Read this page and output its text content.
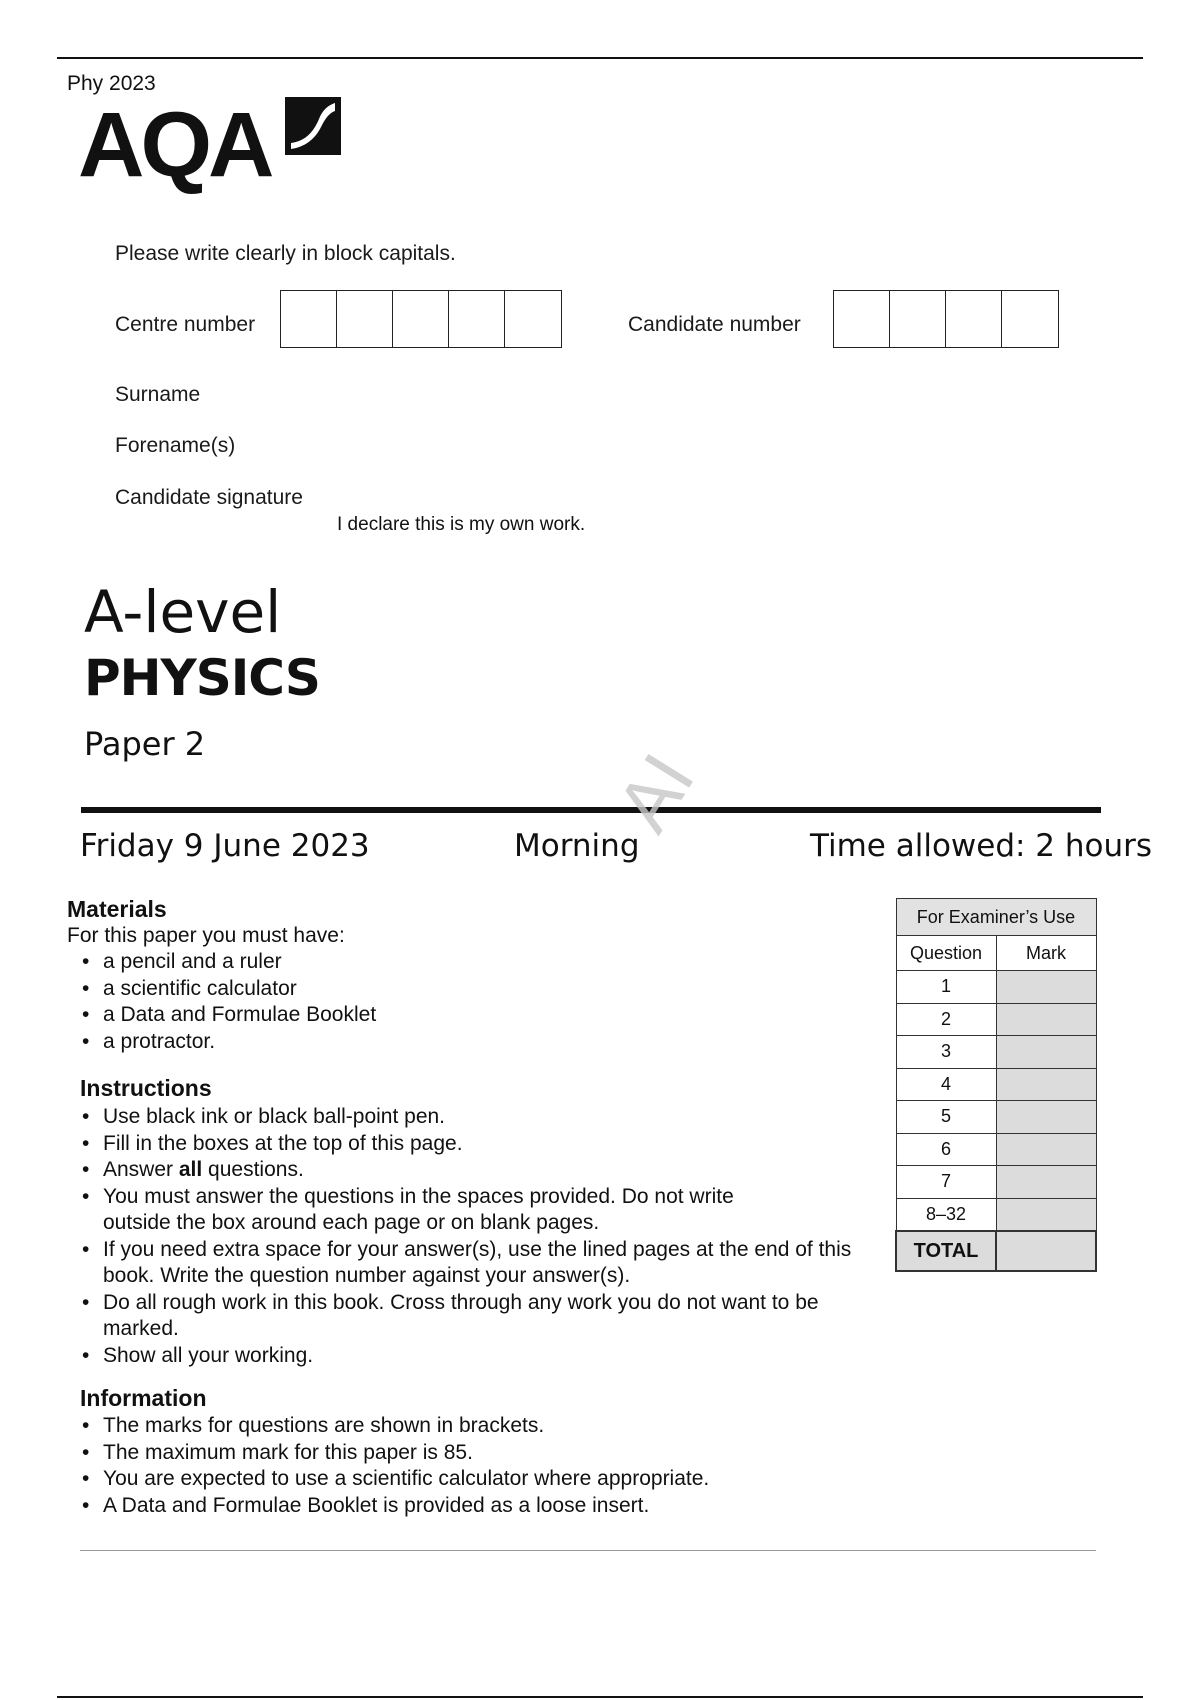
Phy 2023
AQA
Please write clearly in block capitals.
Centre number	Candidate number
Surname
Forename(s)
Candidate signature
I declare this is my own work.
A-level
PHYSICS
Paper 2
Friday 9 June 2023	Morning	Time allowed: 2 hours
AI
Materials
For this paper you must have:
• a pencil and a ruler
• a scientific calculator
• a Data and Formulae Booklet
• a protractor.
Instructions
• Use black ink or black ball-point pen.
• Fill in the boxes at the top of this page.
• Answer all questions.
• You must answer the questions in the spaces provided. Do not write outside the box around each page or on blank pages.
• If you need extra space for your answer(s), use the lined pages at the end of this book. Write the question number against your answer(s).
• Do all rough work in this book. Cross through any work you do not want to be marked.
• Show all your working.
Information
• The marks for questions are shown in brackets.
• The maximum mark for this paper is 85.
• You are expected to use a scientific calculator where appropriate.
• A Data and Formulae Booklet is provided as a loose insert.
For Examiner’s Use	
Question	Mark
1	
2	
3	
4	
5	
6	
7	
8–32	
TOTAL	
